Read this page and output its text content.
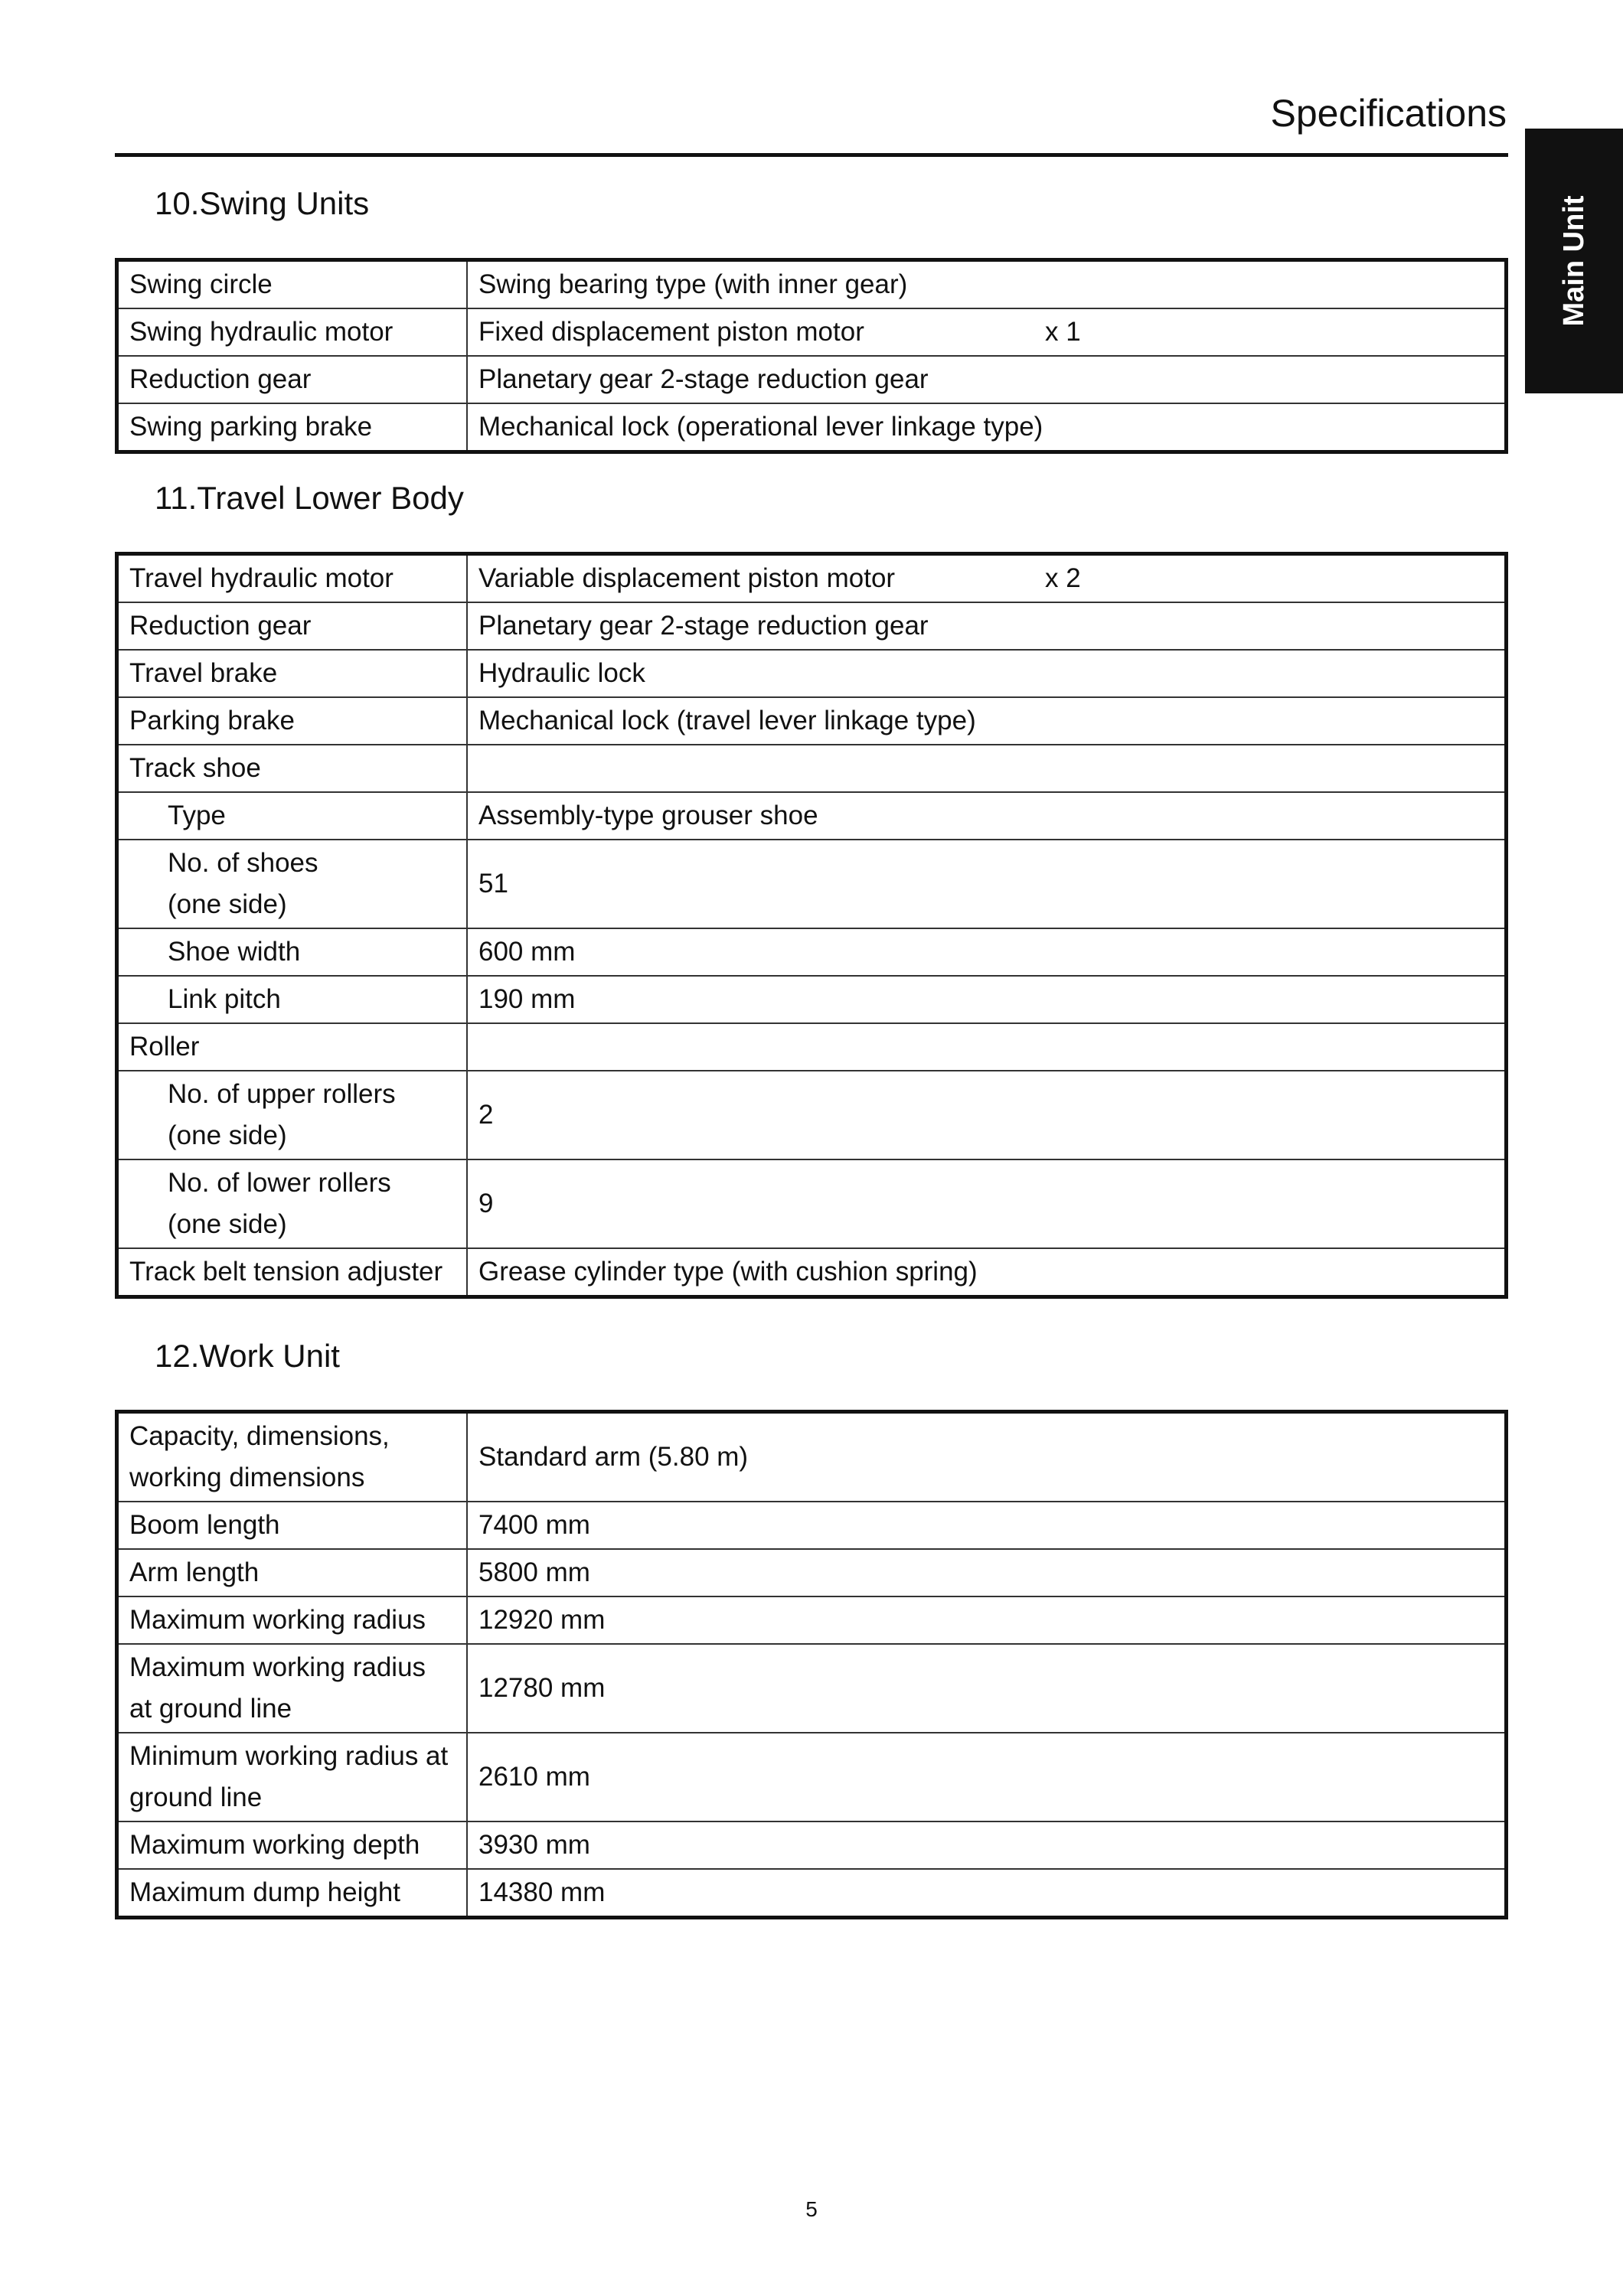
Specifications
Main Unit
10.Swing Units
Swing circle	Swing bearing type (with inner gear)
Swing hydraulic motor	Fixed displacement piston motor x 1
Reduction gear	Planetary gear 2-stage reduction gear
Swing parking brake	Mechanical lock (operational lever linkage type)
11.Travel Lower Body
Travel hydraulic motor	Variable displacement piston motor x 2
Reduction gear	Planetary gear 2-stage reduction gear
Travel brake	Hydraulic lock
Parking brake	Mechanical lock (travel lever linkage type)
Track shoe	
Type	Assembly-type grouser shoe

No. of shoes
(one side)	51
Shoe width	600 mm
Link pitch	190 mm
Roller	

No. of upper rollers
(one side)	2

No. of lower rollers
(one side)	9
Track belt tension adjuster	Grease cylinder type (with cushion spring)
12.Work Unit
Capacity, dimensions,
working dimensions	Standard arm (5.80 m)
Boom length	7400 mm
Arm length	5800 mm
Maximum working radius	12920 mm

Maximum working radius
at ground line	12780 mm

Minimum working radius at
ground line	2610 mm
Maximum working depth	3930 mm
Maximum dump height	14380 mm
5
